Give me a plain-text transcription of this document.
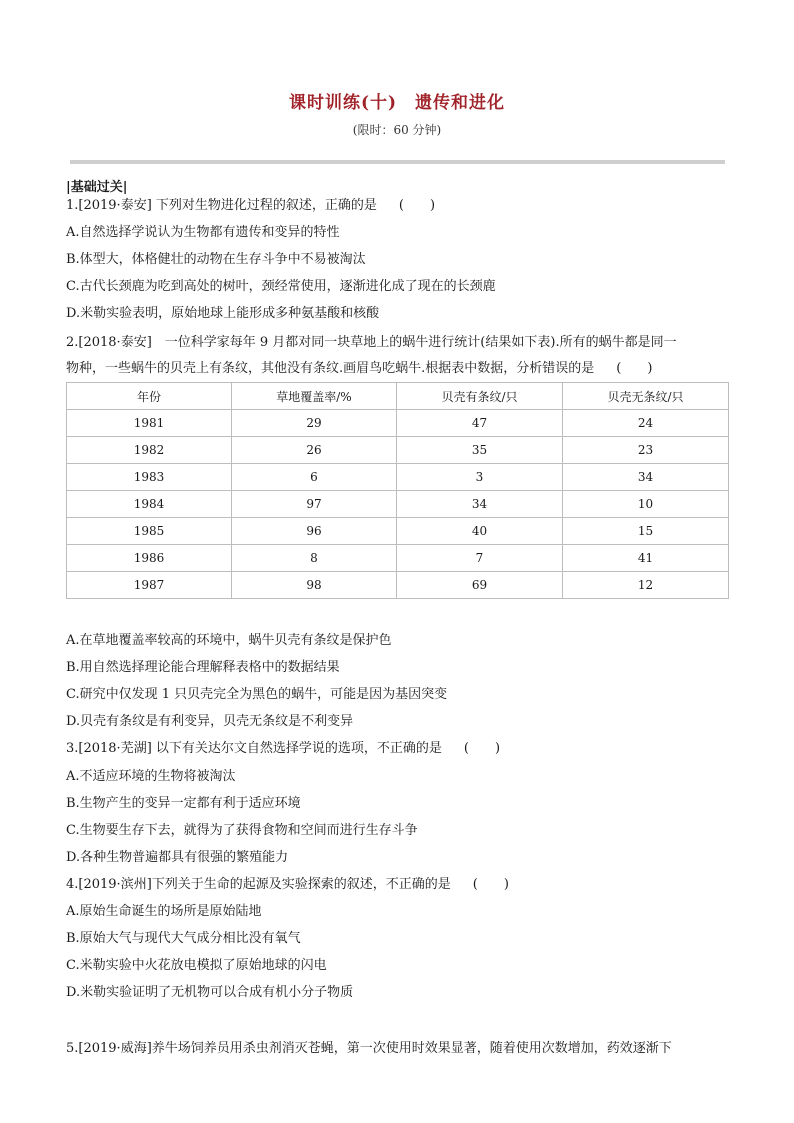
课时训练(十)　遗传和进化
(限时：60 分钟)
|基础过关|
1.[2019·泰安] 下列对生物进化过程的叙述，正确的是 (　　)
A.自然选择学说认为生物都有遗传和变异的特性
B.体型大，体格健壮的动物在生存斗争中不易被淘汰
C.古代长颈鹿为吃到高处的树叶，颈经常使用，逐渐进化成了现在的长颈鹿
D.米勒实验表明，原始地球上能形成多种氨基酸和核酸
2.[2018·泰安]　一位科学家每年 9 月都对同一块草地上的蜗牛进行统计(结果如下表).所有的蜗牛都是同一
物种，一些蜗牛的贝壳上有条纹，其他没有条纹.画眉鸟吃蜗牛.根据表中数据，分析错误的是 (　　)
年份	草地覆盖率/%	贝壳有条纹/只	贝壳无条纹/只
1981	29	47	24
1982	26	35	23
1983	6	3	34
1984	97	34	10
1985	96	40	15
1986	8	7	41
1987	98	69	12
A.在草地覆盖率较高的环境中，蜗牛贝壳有条纹是保护色
B.用自然选择理论能合理解释表格中的数据结果
C.研究中仅发现 1 只贝壳完全为黑色的蜗牛，可能是因为基因突变
D.贝壳有条纹是有利变异，贝壳无条纹是不利变异
3.[2018·芜湖] 以下有关达尔文自然选择学说的选项，不正确的是 (　　)
A.不适应环境的生物将被淘汰
B.生物产生的变异一定都有利于适应环境
C.生物要生存下去，就得为了获得食物和空间而进行生存斗争
D.各种生物普遍都具有很强的繁殖能力
4.[2019·滨州]下列关于生命的起源及实验探索的叙述，不正确的是 (　　)
A.原始生命诞生的场所是原始陆地
B.原始大气与现代大气成分相比没有氧气
C.米勒实验中火花放电模拟了原始地球的闪电
D.米勒实验证明了无机物可以合成有机小分子物质
5.[2019·威海]养牛场饲养员用杀虫剂消灭苍蝇，第一次使用时效果显著，随着使用次数增加，药效逐渐下
